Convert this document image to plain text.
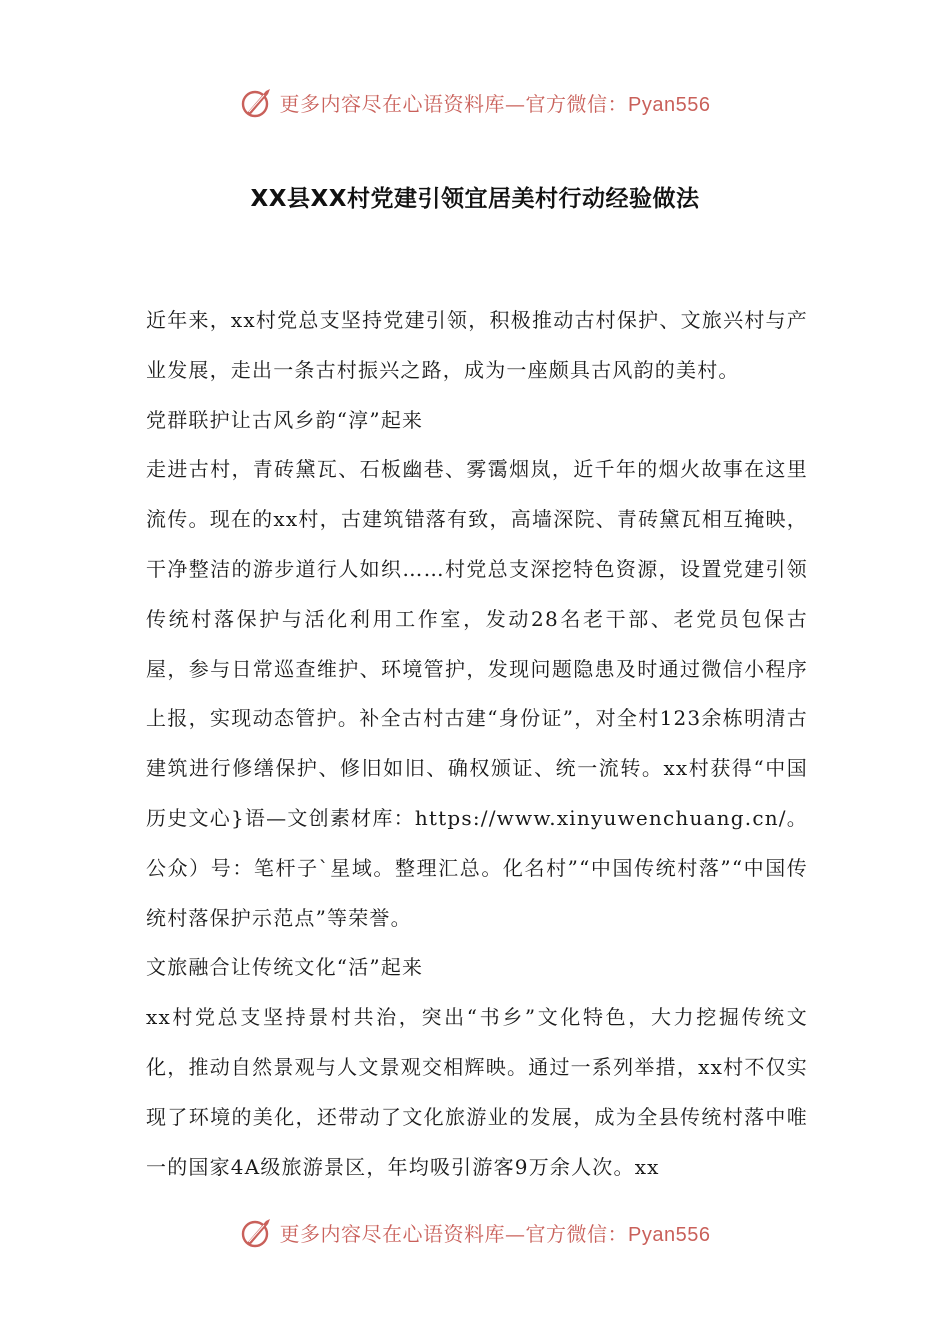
更多内容尽在心语资料库—官方微信：Pyan556
XX县XX村党建引领宜居美村行动经验做法

近年来，xx村党总支坚持党建引领，积极推动古村保护、文旅兴村与产业发展，走出一条古村振兴之路，成为一座颇具古风韵的美村。

党群联护让古风乡韵“淳”起来

走进古村，青砖黛瓦、石板幽巷、雾霭烟岚，近千年的烟火故事在这里流传。现在的xx村，古建筑错落有致，高墙深院、青砖黛瓦相互掩映，干净整洁的游步道行人如织……村党总支深挖特色资源，设置党建引领传统村落保护与活化利用工作室，发动28名老干部、老党员包保古屋，参与日常巡查维护、环境管护，发现问题隐患及时通过微信小程序上报，实现动态管护。补全古村古建“身份证”，对全村123余栋明清古建筑进行修缮保护、修旧如旧、确权颁证、统一流转。xx村获得“中国历史文心}语—文创素材库：https://www.xinyuwenchuang.cn/。公众）号：笔杆子`星域。整理汇总。化名村”“中国传统村落”“中国传统村落保护示范点”等荣誉。

文旅融合让传统文化“活”起来

xx村党总支坚持景村共治，突出“书乡”文化特色，大力挖掘传统文化，推动自然景观与人文景观交相辉映。通过一系列举措，xx村不仅实现了环境的美化，还带动了文化旅游业的发展，成为全县传统村落中唯一的国家4A级旅游景区，年均吸引游客9万余人次。xx

更多内容尽在心语资料库—官方微信：Pyan556
